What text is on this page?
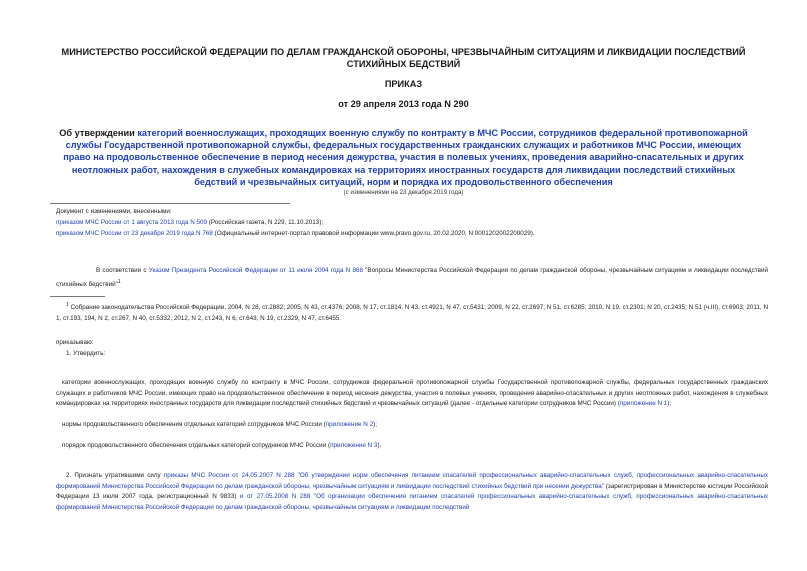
МИНИСТЕРСТВО РОССИЙСКОЙ ФЕДЕРАЦИИ ПО ДЕЛАМ ГРАЖДАНСКОЙ ОБОРОНЫ, ЧРЕЗВЫЧАЙНЫМ СИТУАЦИЯМ И ЛИКВИДАЦИИ ПОСЛЕДСТВИЙ СТИХИЙНЫХ БЕДСТВИЙ
ПРИКАЗ
от 29 апреля 2013 года N 290
Об утверждении категорий военнослужащих, проходящих военную службу по контракту в МЧС России, сотрудников федеральной противопожарной службы Государственной противопожарной службы, федеральных государственных гражданских служащих и работников МЧС России, имеющих право на продовольственное обеспечение в период несения дежурства, участия в полевых учениях, проведения аварийно-спасательных и других неотложных работ, нахождения в служебных командировках на территориях иностранных государств для ликвидации последствий стихийных бедствий и чрезвычайных ситуаций, норм и порядка их продовольственного обеспечения
(с изменениями на 23 декабря 2019 года)
Документ с изменениями, внесенными:
приказом МЧС России от 1 августа 2013 года N 509 (Российская газета, N 229, 11.10.2013);
приказом МЧС России от 23 декабря 2019 года N 768 (Официальный интернет-портал правовой информации www.pravo.gov.ru, 20.02.2020, N 0001202002200029).
В соответствии с Указом Президента Российской Федерации от 11 июля 2004 года N 868 "Вопросы Министерства Российской Федерации по делам гражданской обороны, чрезвычайным ситуациям и ликвидации последствий стихийных бедствий"$^1$
$^1$ Собрание законодательства Российской Федерации, 2004, N 28, ст.2882; 2005, N 43, ст.4376; 2008, N 17, ст.1814, N 43, ст.4921, N 47, ст.5431; 2009, N 22, ст.2697; N 51, ст.6285; 2010, N 19, ст.2301; N 20, ст.2435; N 51 (ч.III), ст.6903; 2011, N 1, ст.193, 194, N 2, ст.267, N 40, ст.5332; 2012, N 2, ст.243, N 6, ст.643, N 19, ст.2329, N 47, ст.6455.
приказываю:
1. Утвердить:
категории военнослужащих, проходящих военную службу по контракту в МЧС России, сотрудников федеральной противопожарной службы Государственной противопожарной службы, федеральных государственных гражданских служащих и работников МЧС России, имеющих право на продовольственное обеспечение в период несения дежурства, участия в полевых учениях, проведения аварийно-спасательных и других неотложных работ, нахождения в служебных командировках на территориях иностранных государств для ликвидации последствий стихийных бедствий и чрезвычайных ситуаций (далее - отдельные категории сотрудников МЧС России) (приложение N 1);
нормы продовольственного обеспечения отдельных категорий сотрудников МЧС России (приложение N 2);
порядок продовольственного обеспечения отдельных категорий сотрудников МЧС России (приложение N 3).
2. Признать утратившими силу приказы МЧС России от 24.05.2007 N 288 "Об утверждении норм обеспечения питанием спасателей профессиональных аварийно-спасательных служб, профессиональных аварийно-спасательных формирований Министерства Российской Федерации по делам гражданской обороны, чрезвычайным ситуациям и ликвидации последствий стихийных бедствий при несении дежурства" (зарегистрирован в Министерстве юстиции Российской Федерации 13 июля 2007 года, регистрационный N 9833) и от 27.05.2008 N 288 "Об организации обеспечения питанием спасателей профессиональных аварийно-спасательных служб, профессиональных аварийно-спасательных формирований Министерства Российской Федерации по делам гражданской обороны, чрезвычайным ситуациям и ликвидации последствий
